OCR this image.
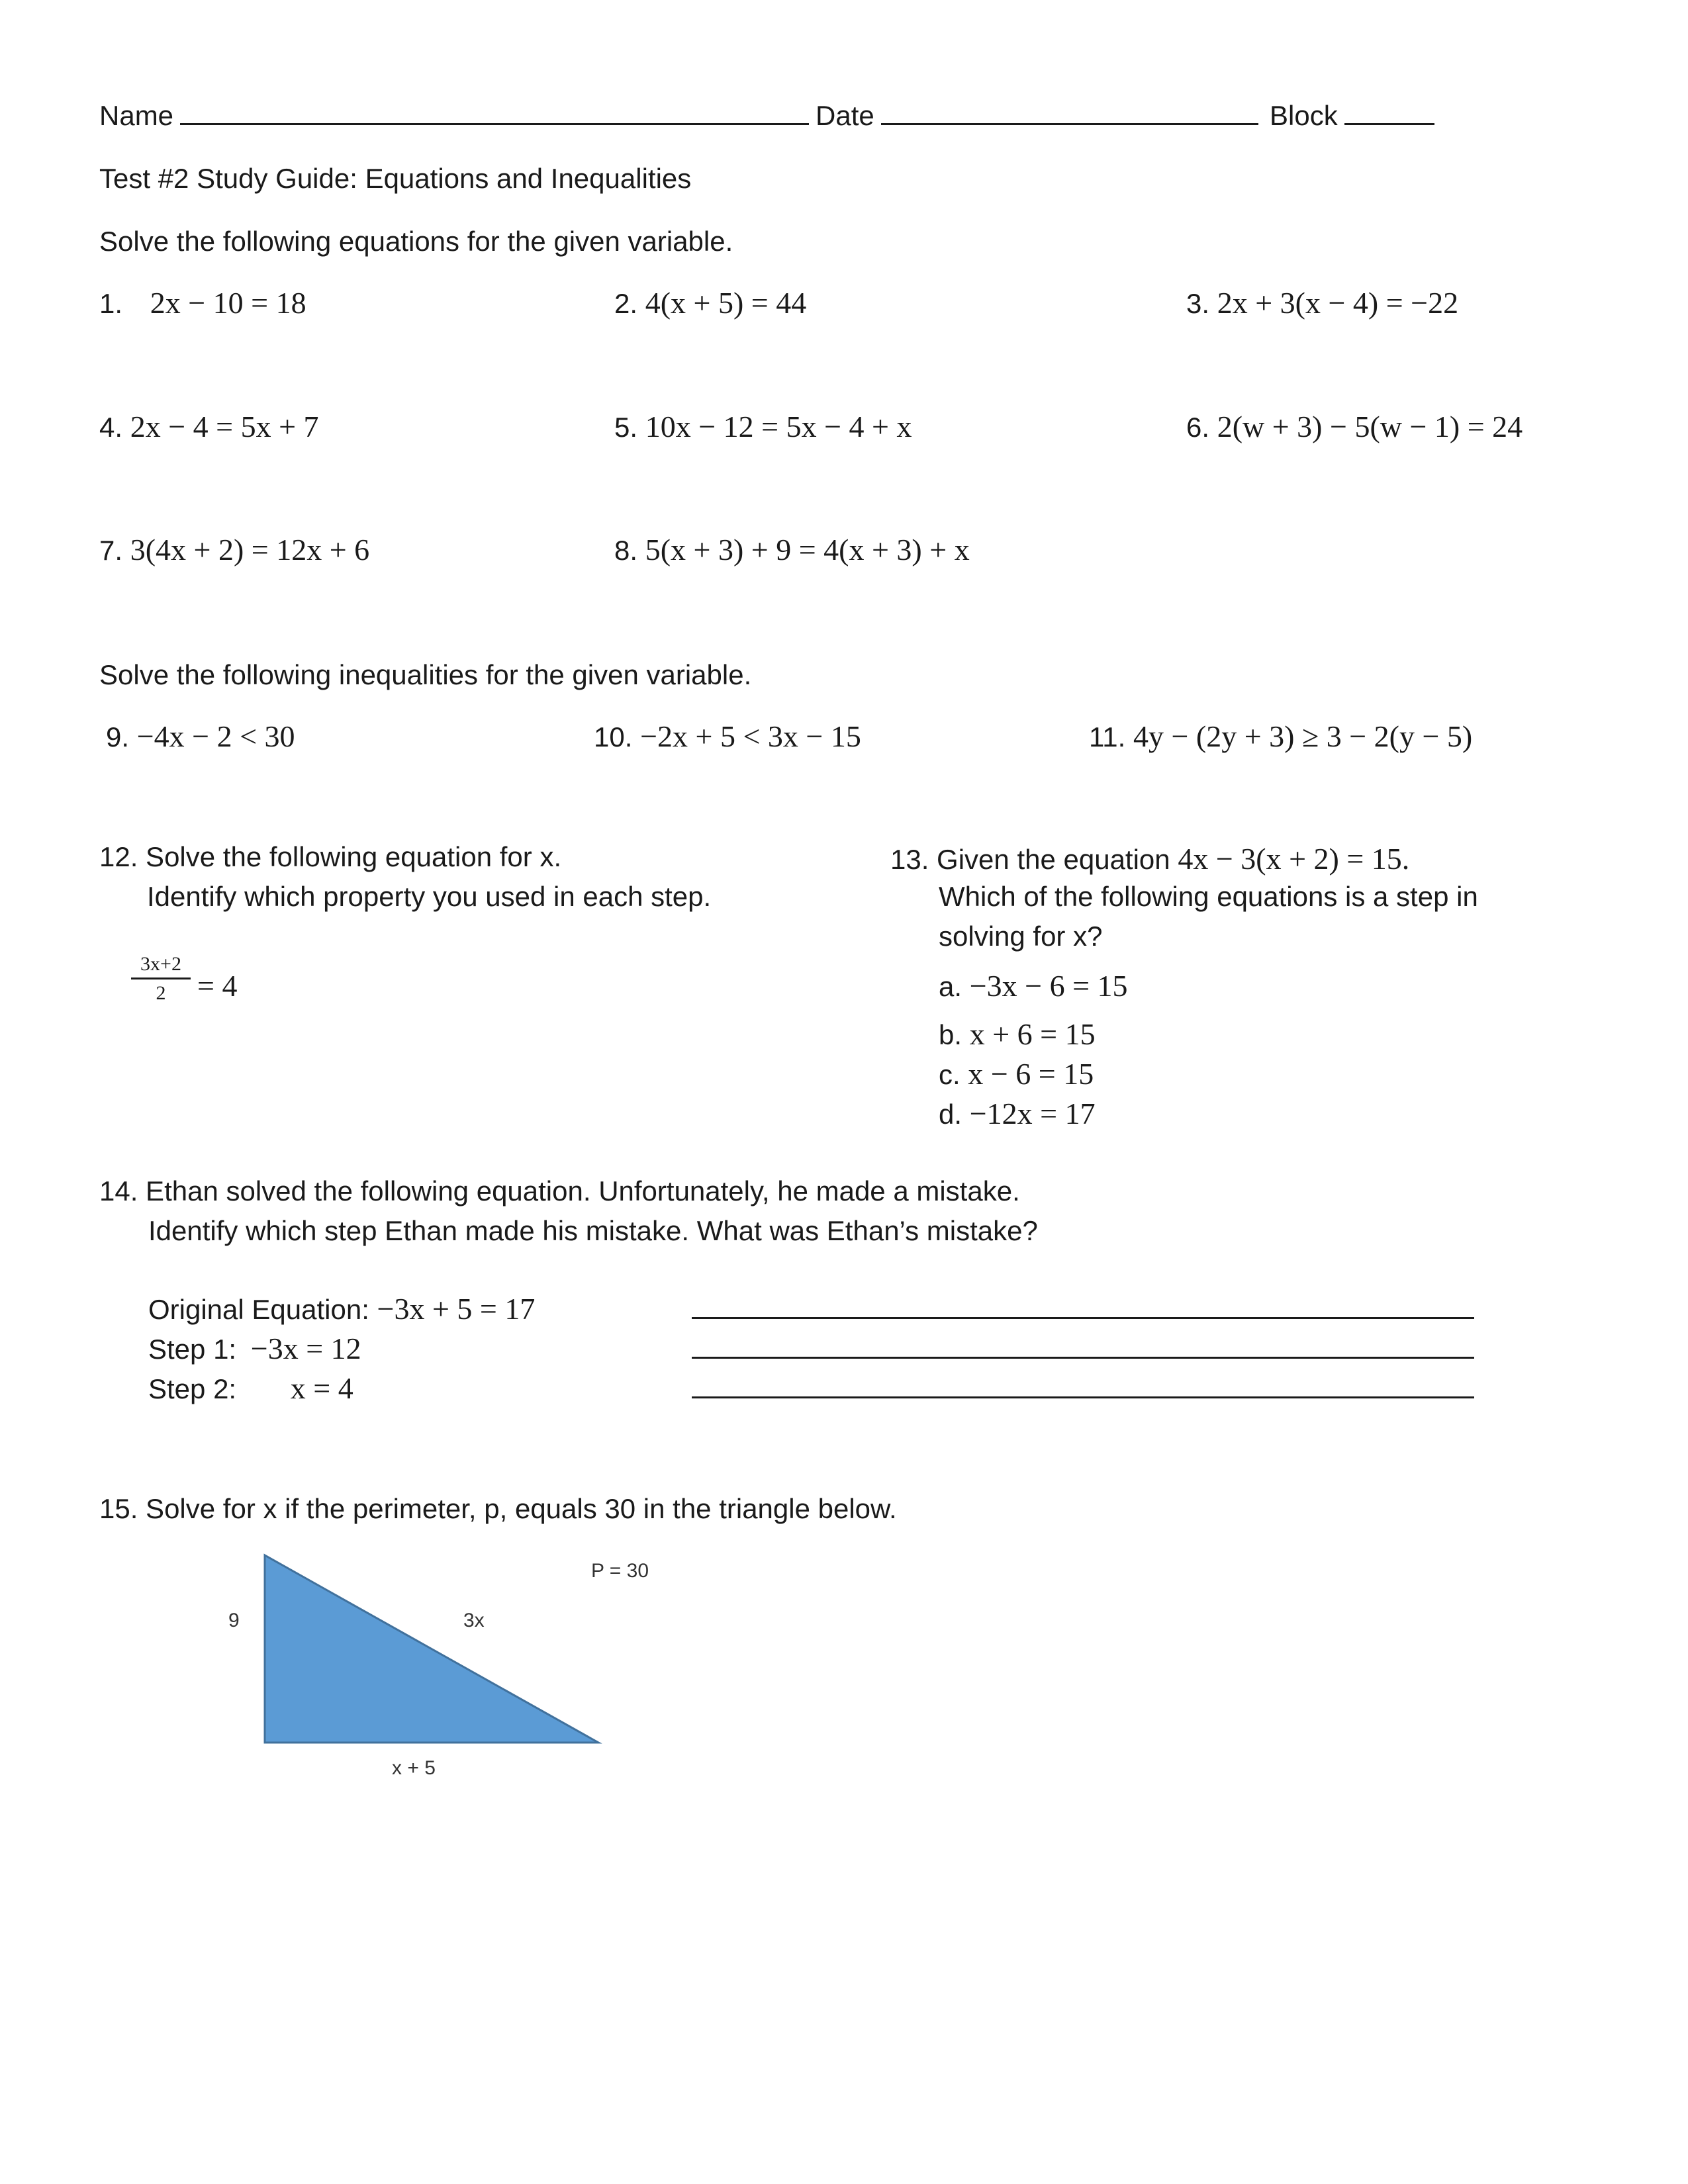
Name	Date	Block
Test #2 Study Guide: Equations and Inequalities
Solve the following equations for the given variable.
1. 2x − 10 = 18	2. 4(x + 5) = 44	3. 2x + 3(x − 4) = −22
4. 2x − 4 = 5x + 7	5. 10x − 12 = 5x − 4 + x	6. 2(w + 3) − 5(w − 1) = 24
7. 3(4x + 2) = 12x + 6	8. 5(x + 3) + 9 = 4(x + 3) + x
Solve the following inequalities for the given variable.
9. −4x − 2 < 30	10. −2x + 5 < 3x − 15	11. 4y − (2y + 3) ≥ 3 − 2(y − 5)
12. Solve the following equation for x.
Identify which property you used in each step.
3x+2
2	= 4
13. Given the equation 4x − 3(x + 2) = 15.
Which of the following equations is a step in
solving for x?
a. −3x − 6 = 15
b. x + 6 = 15
c. x − 6 = 15
d. −12x = 17
14. Ethan solved the following equation. Unfortunately, he made a mistake.
Identify which step Ethan made his mistake. What was Ethan’s mistake?
Original Equation: −3x + 5 = 17
Step 1: −3x = 12
Step 2: x = 4
15. Solve for x if the perimeter, p, equals 30 in the triangle below.
P = 30
9	3x
x + 5
